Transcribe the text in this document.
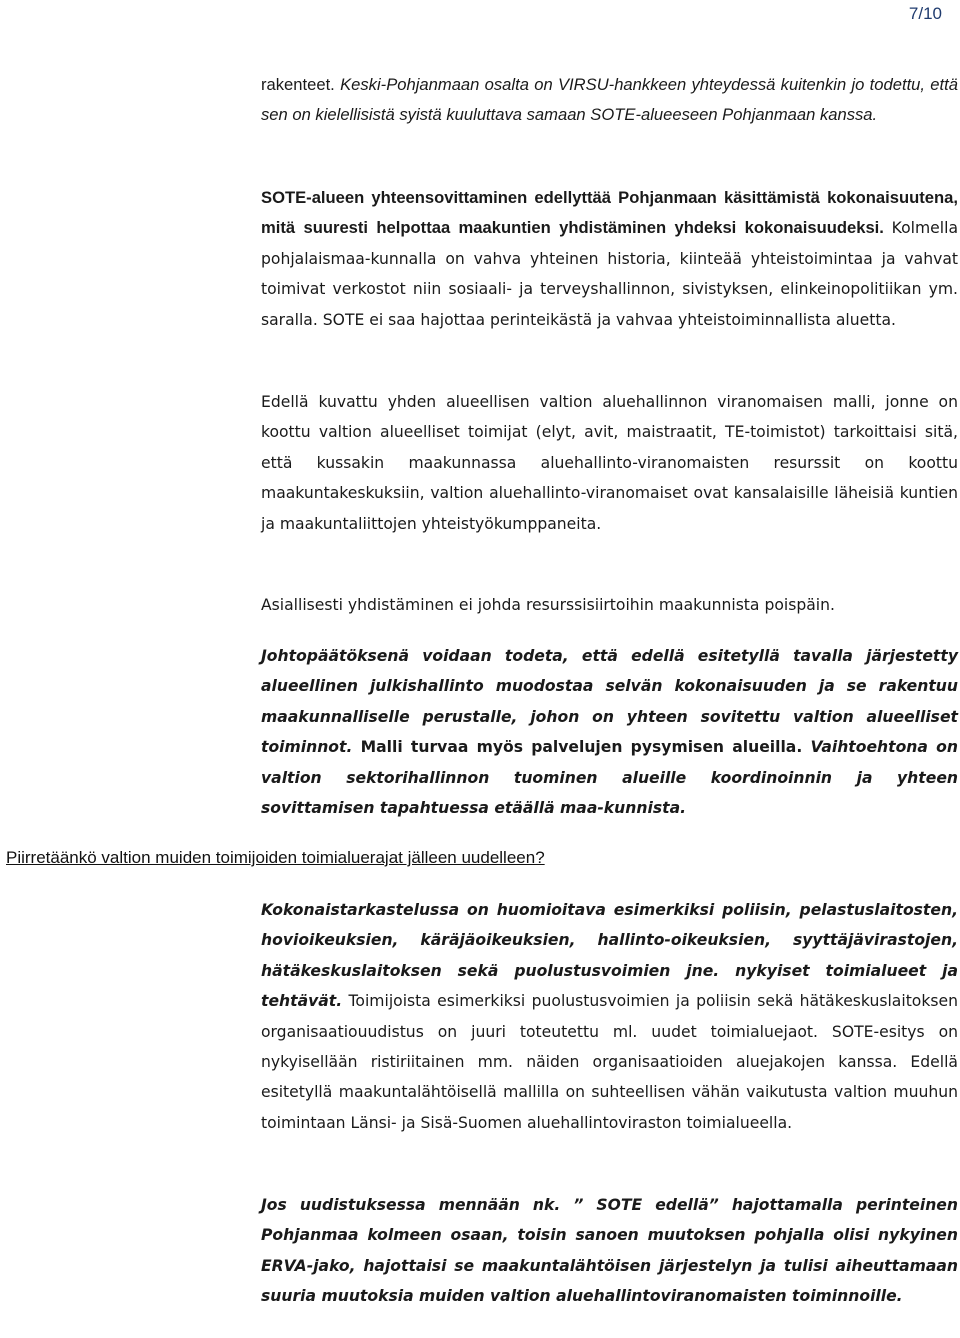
7/10

rakenteet. Keski-Pohjanmaan osalta on VIRSU-hankkeen yhteydessä kuitenkin jo todettu, että sen on kielellisistä syistä kuuluttava samaan SOTE-alueeseen Pohjanmaan kanssa.

SOTE-alueen yhteensovittaminen edellyttää Pohjanmaan käsittämistä kokonaisuutena, mitä suuresti helpottaa maakuntien yhdistäminen yhdeksi kokonaisuudeksi. Kolmella pohjalaismaa-kunnalla on vahva yhteinen historia, kiinteää yhteistoimintaa ja vahvat toimivat verkostot niin sosiaali- ja terveyshallinnon, sivistyksen, elinkeinopolitiikan ym. saralla. SOTE ei saa hajottaa perinteikästä ja vahvaa yhteistoiminnallista aluetta.

Edellä kuvattu yhden alueellisen valtion aluehallinnon viranomaisen malli, jonne on koottu valtion alueelliset toimijat (elyt, avit, maistraatit, TE-toimistot) tarkoittaisi sitä, että kussakin maakunnassa aluehallinto-viranomaisten resurssit on koottu maakuntakeskuksiin, valtion aluehallinto-viranomaiset ovat kansalaisille läheisiä kuntien ja maakuntaliittojen yhteistyökumppaneita.

Asiallisesti yhdistäminen ei johda resurssisiirtoihin maakunnista poispäin.

Johtopäätöksenä voidaan todeta, että edellä esitetyllä tavalla järjestetty alueellinen julkishallinto muodostaa selvän kokonaisuuden ja se rakentuu maakunnalliselle perustalle, johon on yhteen sovitettu valtion alueelliset toiminnot. Malli turvaa myös palvelujen pysymisen alueilla. Vaihtoehtona on valtion sektorihallinnon tuominen alueille koordinoinnin ja yhteen sovittamisen tapahtuessa etäällä maa-kunnista.

Piirretäänkö valtion muiden toimijoiden toimialuerajat jälleen uudelleen?

Kokonaistarkastelussa on huomioitava esimerkiksi poliisin, pelastuslaitosten, hovioikeuksien, käräjäoikeuksien, hallinto-oikeuksien, syyttäjävirastojen, hätäkeskuslaitoksen sekä puolustusvoimien jne. nykyiset toimialueet ja tehtävät. Toimijoista esimerkiksi puolustusvoimien ja poliisin sekä hätäkeskuslaitoksen organisaatiouudistus on juuri toteutettu ml. uudet toimialuejaot. SOTE-esitys on nykyisellään ristiriitainen mm. näiden organisaatioiden aluejakojen kanssa. Edellä esitetyllä maakuntalähtöisellä mallilla on suhteellisen vähän vaikutusta valtion muuhun toimintaan Länsi- ja Sisä-Suomen aluehallintoviraston toimialueella.

Jos uudistuksessa mennään nk. ” SOTE edellä” hajottamalla perinteinen Pohjanmaa kolmeen osaan, toisin sanoen muutoksen pohjalla olisi nykyinen ERVA-jako, hajottaisi se maakuntalähtöisen järjestelyn ja tulisi aiheuttamaan suuria muutoksia muiden valtion aluehallintoviranomaisten toiminnoille.
